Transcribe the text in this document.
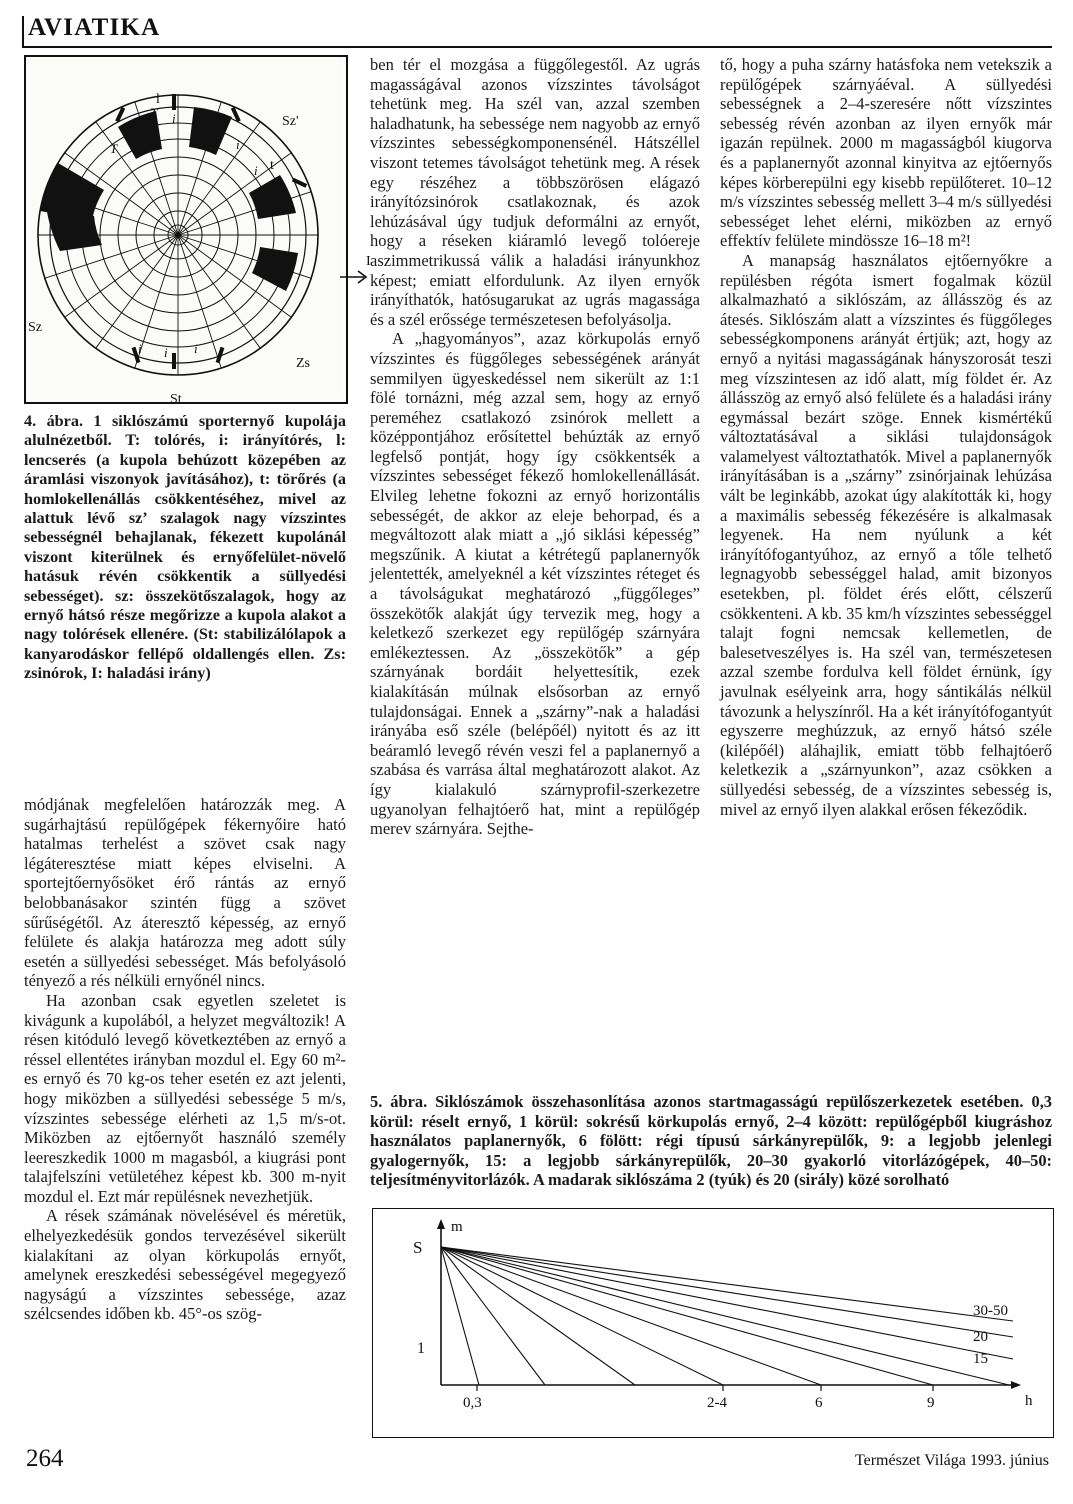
AVIATIKA
T
T
i
i
i
i
i i
i
Sz'
Sz
Zs
St
I
l
t
4. ábra. 1 siklószámú sporternyő kupolája alulnézetből. T: tolórés, i: irányítórés, l: lencserés (a kupola behúzott közepében az áramlási viszonyok javításához), t: törőrés (a homlokellenállás csökkentéséhez, mivel az alattuk lévő sz’ szalagok nagy vízszintes sebességnél behajlanak, fékezett kupolánál viszont kiterülnek és ernyőfelület-növelő hatásuk révén csökkentik a süllyedési sebességet). sz: összekötőszalagok, hogy az ernyő hátsó része megőrizze a kupola alakot a nagy tolórések ellenére. (St: stabilizálólapok a kanyarodáskor fellépő oldallengés ellen. Zs: zsinórok, I: haladási irány)

módjának megfelelően határozzák meg. A sugárhajtású repülőgépek fékernyőire ható hatalmas terhelést a szövet csak nagy légáteresztése miatt képes elviselni. A sportejtőernyősöket érő rántás az ernyő belobbanásakor szintén függ a szövet sűrűségétől. Az áteresztő képesség, az ernyő felülete és alakja határozza meg adott súly esetén a süllyedési sebességet. Más befolyásoló tényező a rés nélküli ernyőnél nincs.

Ha azonban csak egyetlen szeletet is kivágunk a kupolából, a helyzet megváltozik! A résen kitóduló levegő következtében az ernyő a réssel ellentétes irányban mozdul el. Egy 60 m²-es ernyő és 70 kg-os teher esetén ez azt jelenti, hogy miközben a süllyedési sebessége 5 m/s, vízszintes sebessége elérheti az 1,5 m/s-ot. Miközben az ejtőernyőt használó személy leereszkedik 1000 m magasból, a kiugrási pont talajfelszíni vetületéhez képest kb. 300 m-nyit mozdul el. Ezt már repülésnek nevezhetjük.

A rések számának növelésével és méretük, elhelyezkedésük gondos tervezésével sikerült kialakítani az olyan körkupolás ernyőt, amelynek ereszkedési sebességével megegyező nagyságú a vízszintes sebessége, azaz szélcsendes időben kb. 45°-os szög-

ben tér el mozgása a függőlegestől. Az ugrás magasságával azonos vízszintes távolságot tehetünk meg. Ha szél van, azzal szemben haladhatunk, ha sebessége nem nagyobb az ernyő vízszintes sebességkomponensénél. Hátszéllel viszont tetemes távolságot tehetünk meg. A rések egy részéhez a többszörösen elágazó irányítózsinórok csatlakoznak, és azok lehúzásával úgy tudjuk deformálni az ernyőt, hogy a réseken kiáramló levegő tolóereje aszimmetrikussá válik a haladási irányunkhoz képest; emiatt elfordulunk. Az ilyen ernyők irányíthatók, hatósugarukat az ugrás magassága és a szél erőssége természetesen befolyásolja.

A „hagyományos”, azaz körkupolás ernyő vízszintes és függőleges sebességének arányát semmilyen ügyeskedéssel nem sikerült az 1:1 fölé tornázni, még azzal sem, hogy az ernyő pereméhez csatlakozó zsinórok mellett a középpontjához erősítettel behúzták az ernyő legfelső pontját, hogy így csökkentsék a vízszintes sebességet fékező homlokellenállását. Elvileg lehetne fokozni az ernyő horizontális sebességét, de akkor az eleje behorpad, és a megváltozott alak miatt a „jó siklási képesség” megszűnik. A kiutat a kétrétegű paplanernyők jelentették, amelyeknél a két vízszintes réteget és a távolságukat meghatározó „függőleges” összekötők alakját úgy tervezik meg, hogy a keletkező szerkezet egy repülőgép szárnyára emlékeztessen. Az „összekötők” a gép szárnyának bordáit helyettesítik, ezek kialakításán múlnak elsősorban az ernyő tulajdonságai. Ennek a „szárny”-nak a haladási irányába eső széle (belépőél) nyitott és az itt beáramló levegő révén veszi fel a paplanernyő a szabása és varrása által meghatározott alakot. Az így kialakuló szárnyprofil-szerkezetre ugyanolyan felhajtóerő hat, mint a repülőgép merev szárnyára. Sejthe-

tő, hogy a puha szárny hatásfoka nem vetekszik a repülőgépek szárnyáéval. A süllyedési sebességnek a 2–4-szeresére nőtt vízszintes sebesség révén azonban az ilyen ernyők már igazán repülnek. 2000 m magasságból kiugorva és a paplanernyőt azonnal kinyitva az ejtőernyős képes körberepülni egy kisebb repülőteret. 10–12 m/s vízszintes sebesség mellett 3–4 m/s süllyedési sebességet lehet elérni, miközben az ernyő effektív felülete mindössze 16–18 m²!

A manapság használatos ejtőernyőkre a repülésben régóta ismert fogalmak közül alkalmazható a siklószám, az állásszög és az átesés. Siklószám alatt a vízszintes és függőleges sebességkomponens arányát értjük; azt, hogy az ernyő a nyitási magasságának hányszorosát teszi meg vízszintesen az idő alatt, míg földet ér. Az állásszög az ernyő alsó felülete és a haladási irány egymással bezárt szöge. Ennek kismértékű változtatásával a siklási tulajdonságok valamelyest változtathatók. Mivel a paplanernyők irányításában is a „szárny” zsinórjainak lehúzása vált be leginkább, azokat úgy alakították ki, hogy a maximális sebesség fékezésére is alkalmasak legyenek. Ha nem nyúlunk a két irányítófogantyúhoz, az ernyő a tőle telhető legnagyobb sebességgel halad, amit bizonyos esetekben, pl. földet érés előtt, célszerű csökkenteni. A kb. 35 km/h vízszintes sebességgel talajt fogni nemcsak kellemetlen, de balesetveszélyes is. Ha szél van, természetesen azzal szembe fordulva kell földet érnünk, így javulnak esélyeink arra, hogy sántikálás nélkül távozunk a helyszínről. Ha a két irányítófogantyút egyszerre meghúzzuk, az ernyő hátsó széle (kilépőél) aláhajlik, emiatt több felhajtóerő keletkezik a „szárnyunkon”, azaz csökken a süllyedési sebesség, de a vízszintes sebesség is, mivel az ernyő ilyen alakkal erősen fékeződik.

5. ábra. Siklószámok összehasonlítása azonos startmagasságú repülőszerkezetek esetében. 0,3 körül: réselt ernyő, 1 körül: sokrésű körkupolás ernyő, 2–4 között: repülőgépből kiugráshoz használatos paplanernyők, 6 fölött: régi típusú sárkányrepülők, 9: a legjobb jelenlegi gyalogernyők, 15: a legjobb sárkányrepülők, 20–30 gyakorló vitorlázógépek, 40–50: teljesítményvitorlázók. A madarak siklószáma 2 (tyúk) és 20 (sirály) közé sorolható
m
h
S
1
0,3	2-4	6	9
30-50
20
15
264	Természet Világa 1993. június
